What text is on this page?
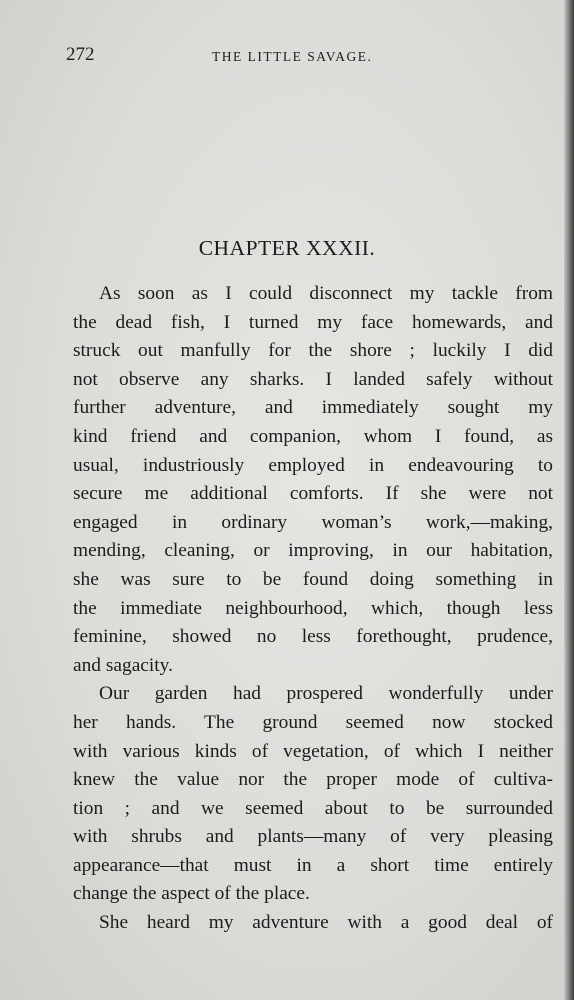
272	THE LITTLE SAVAGE.
CHAPTER XXXII.
As soon as I could disconnect my tackle from
the dead fish, I turned my face homewards, and
struck out manfully for the shore ; luckily I did
not observe any sharks. I landed safely without
further adventure, and immediately sought my
kind friend and companion, whom I found, as
usual, industriously employed in endeavouring to
secure me additional comforts. If she were not
engaged in ordinary woman’s work,—making,
mending, cleaning, or improving, in our habitation,
she was sure to be found doing something in
the immediate neighbourhood, which, though less
feminine, showed no less forethought, prudence,
and sagacity.
Our garden had prospered wonderfully under
her hands. The ground seemed now stocked
with various kinds of vegetation, of which I neither
knew the value nor the proper mode of cultiva-
tion ; and we seemed about to be surrounded
with shrubs and plants—many of very pleasing
appearance—that must in a short time entirely
change the aspect of the place.
She heard my adventure with a good deal of
